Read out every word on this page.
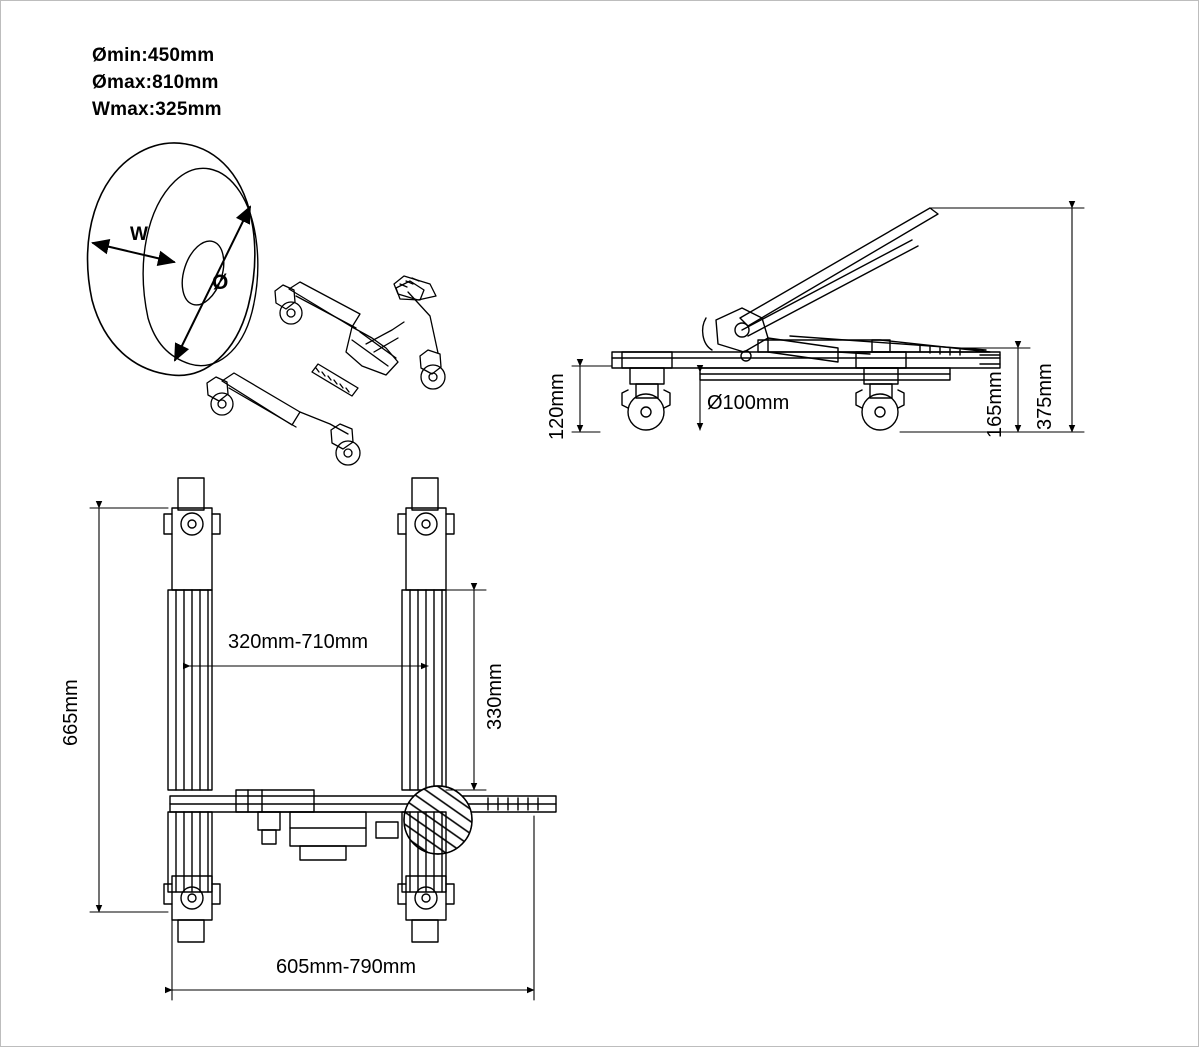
Ømin:450mm
Ømax:810mm
Wmax:325mm
W
Ø
375mm
165mm
120mm	Ø100mm
665mm
320mm-710mm
330mm
605mm-790mm
